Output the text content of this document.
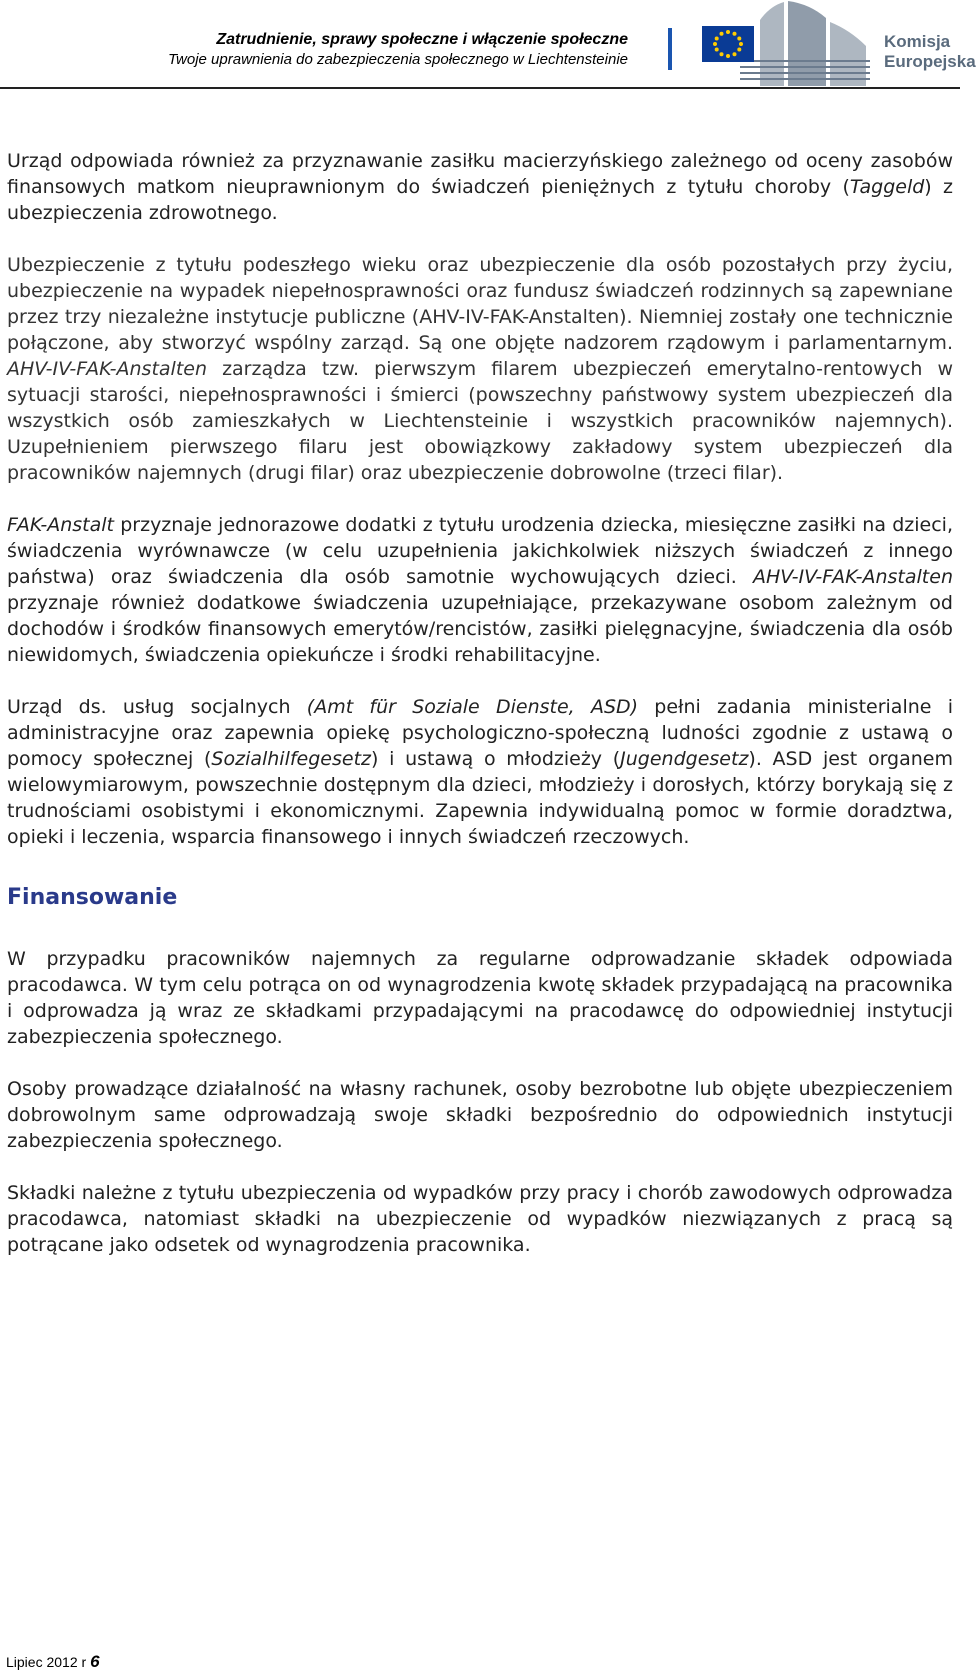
Zatrudnienie, sprawy społeczne i włączenie społeczne
Twoje uprawnienia do zabezpieczenia społecznego w Liechtensteinie
Komisja
Europejska

Urząd odpowiada również za przyznawanie zasiłku macierzyńskiego zależnego od oceny zasobów finansowych matkom nieuprawnionym do świadczeń pieniężnych z tytułu choroby (Taggeld) z ubezpieczenia zdrowotnego.

Ubezpieczenie z tytułu podeszłego wieku oraz ubezpieczenie dla osób pozostałych przy życiu, ubezpieczenie na wypadek niepełnosprawności oraz fundusz świadczeń rodzinnych są zapewniane przez trzy niezależne instytucje publiczne (AHV-IV-FAK-Anstalten). Niemniej zostały one technicznie połączone, aby stworzyć wspólny zarząd. Są one objęte nadzorem rządowym i parlamentarnym. AHV-IV-FAK-Anstalten zarządza tzw. pierwszym filarem ubezpieczeń emerytalno-rentowych w sytuacji starości, niepełnosprawności i śmierci (powszechny państwowy system ubezpieczeń dla wszystkich osób zamieszkałych w Liechtensteinie i wszystkich pracowników najemnych). Uzupełnieniem pierwszego filaru jest obowiązkowy zakładowy system ubezpieczeń dla pracowników najemnych (drugi filar) oraz ubezpieczenie dobrowolne (trzeci filar).

FAK-Anstalt przyznaje jednorazowe dodatki z tytułu urodzenia dziecka, miesięczne zasiłki na dzieci, świadczenia wyrównawcze (w celu uzupełnienia jakichkolwiek niższych świadczeń z innego państwa) oraz świadczenia dla osób samotnie wychowujących dzieci. AHV-IV-FAK-Anstalten przyznaje również dodatkowe świadczenia uzupełniające, przekazywane osobom zależnym od dochodów i środków finansowych emerytów/rencistów, zasiłki pielęgnacyjne, świadczenia dla osób niewidomych, świadczenia opiekuńcze i środki rehabilitacyjne.

Urząd ds. usług socjalnych (Amt für Soziale Dienste, ASD) pełni zadania ministerialne i administracyjne oraz zapewnia opiekę psychologiczno-społeczną ludności zgodnie z ustawą o pomocy społecznej (Sozialhilfegesetz) i ustawą o młodzieży (Jugendgesetz). ASD jest organem wielowymiarowym, powszechnie dostępnym dla dzieci, młodzieży i dorosłych, którzy borykają się z trudnościami osobistymi i ekonomicznymi. Zapewnia indywidualną pomoc w formie doradztwa, opieki i leczenia, wsparcia finansowego i innych świadczeń rzeczowych.

Finansowanie

W przypadku pracowników najemnych za regularne odprowadzanie składek odpowiada pracodawca. W tym celu potrąca on od wynagrodzenia kwotę składek przypadającą na pracownika i odprowadza ją wraz ze składkami przypadającymi na pracodawcę do odpowiedniej instytucji zabezpieczenia społecznego.

Osoby prowadzące działalność na własny rachunek, osoby bezrobotne lub objęte ubezpieczeniem dobrowolnym same odprowadzają swoje składki bezpośrednio do odpowiednich instytucji zabezpieczenia społecznego.

Składki należne z tytułu ubezpieczenia od wypadków przy pracy i chorób zawodowych odprowadza pracodawca, natomiast składki na ubezpieczenie od wypadków niezwiązanych z pracą są potrącane jako odsetek od wynagrodzenia pracownika.

Lipiec 2012 r 6
